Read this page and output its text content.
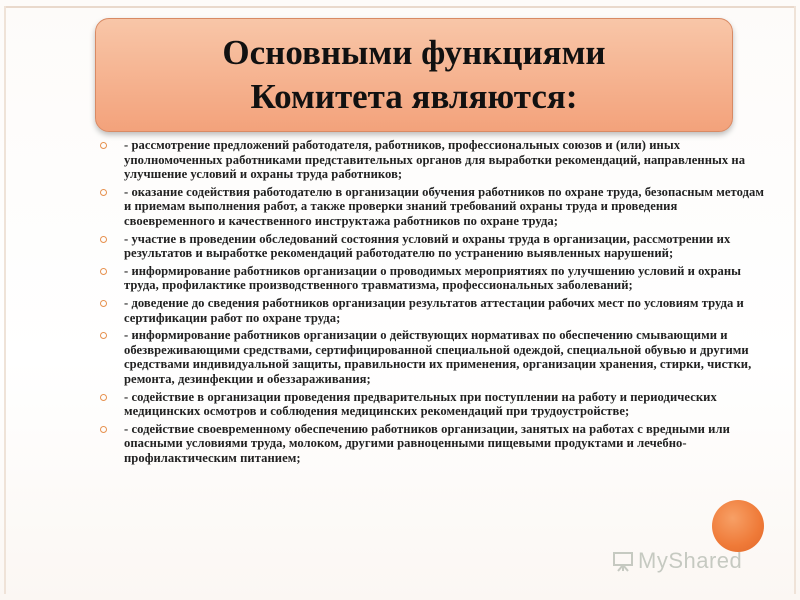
Основными функциями
Комитета являются:
- рассмотрение предложений работодателя, работников, профессиональных союзов и (или) иных уполномоченных работниками представительных органов для выработки рекомендаций, направленных на улучшение условий и охраны труда работников;
- оказание содействия работодателю в организации обучения работников по охране труда, безопасным методам и приемам выполнения работ, а также проверки знаний требований охраны труда и проведения своевременного и качественного инструктажа работников по охране труда;
- участие в проведении обследований состояния условий и охраны труда в организации, рассмотрении их результатов и выработке рекомендаций работодателю по устранению выявленных нарушений;
- информирование работников организации о проводимых мероприятиях по улучшению условий и охраны труда, профилактике производственного травматизма, профессиональных заболеваний;
- доведение до сведения работников организации результатов аттестации рабочих мест по условиям труда и сертификации работ по охране труда;
- информирование работников организации о действующих нормативах по обеспечению смывающими и обезвреживающими средствами, сертифицированной специальной одеждой, специальной обувью и другими средствами индивидуальной защиты, правильности их применения, организации хранения, стирки, чистки, ремонта, дезинфекции и обеззараживания;
- содействие в организации проведения предварительных при поступлении на работу и периодических медицинских осмотров и соблюдения медицинских рекомендаций при трудоустройстве;
- содействие своевременному обеспечению работников организации, занятых на работах с вредными или опасными условиями труда, молоком, другими равноценными пищевыми продуктами и лечебно-профилактическим питанием;
MyShared
